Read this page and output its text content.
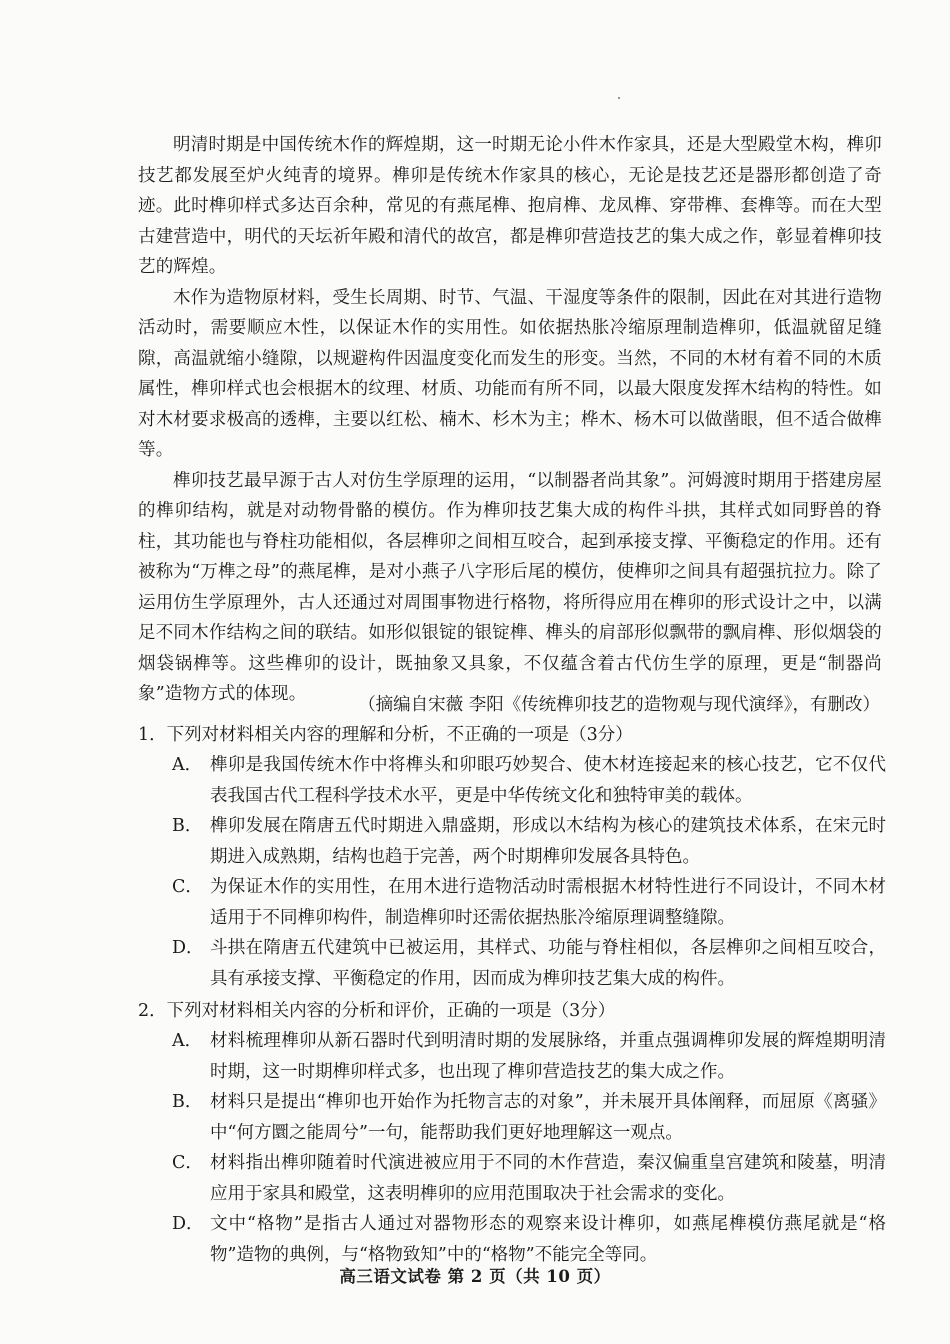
明清时期是中国传统木作的辉煌期，这一时期无论小件木作家具，还是大型殿堂木构，榫卯技艺都发展至炉火纯青的境界。榫卯是传统木作家具的核心，无论是技艺还是器形都创造了奇迹。此时榫卯样式多达百余种，常见的有燕尾榫、抱肩榫、龙凤榫、穿带榫、套榫等。而在大型古建营造中，明代的天坛祈年殿和清代的故宫，都是榫卯营造技艺的集大成之作，彰显着榫卯技艺的辉煌。

木作为造物原材料，受生长周期、时节、气温、干湿度等条件的限制，因此在对其进行造物活动时，需要顺应木性，以保证木作的实用性。如依据热胀冷缩原理制造榫卯，低温就留足缝隙，高温就缩小缝隙，以规避构件因温度变化而发生的形变。当然，不同的木材有着不同的木质属性，榫卯样式也会根据木的纹理、材质、功能而有所不同，以最大限度发挥木结构的特性。如对木材要求极高的透榫，主要以红松、楠木、杉木为主；桦木、杨木可以做凿眼，但不适合做榫等。

榫卯技艺最早源于古人对仿生学原理的运用，“以制器者尚其象”。河姆渡时期用于搭建房屋的榫卯结构，就是对动物骨骼的模仿。作为榫卯技艺集大成的构件斗拱，其样式如同野兽的脊柱，其功能也与脊柱功能相似，各层榫卯之间相互咬合，起到承接支撑、平衡稳定的作用。还有被称为“万榫之母”的燕尾榫，是对小燕子八字形后尾的模仿，使榫卯之间具有超强抗拉力。除了运用仿生学原理外，古人还通过对周围事物进行格物，将所得应用在榫卯的形式设计之中，以满足不同木作结构之间的联结。如形似银锭的银锭榫、榫头的肩部形似飘带的飘肩榫、形似烟袋的烟袋锅榫等。这些榫卯的设计，既抽象又具象，不仅蕴含着古代仿生学的原理，更是“制器尚象”造物方式的体现。

（摘编自宋薇 李阳《传统榫卯技艺的造物观与现代演绎》，有删改）

1．下列对材料相关内容的理解和分析，不正确的一项是（3分）

A． 榫卯是我国传统木作中将榫头和卯眼巧妙契合、使木材连接起来的核心技艺，它不仅代表我国古代工程科学技术水平，更是中华传统文化和独特审美的载体。
B． 榫卯发展在隋唐五代时期进入鼎盛期，形成以木结构为核心的建筑技术体系，在宋元时期进入成熟期，结构也趋于完善，两个时期榫卯发展各具特色。
C． 为保证木作的实用性，在用木进行造物活动时需根据木材特性进行不同设计，不同木材适用于不同榫卯构件，制造榫卯时还需依据热胀冷缩原理调整缝隙。
D． 斗拱在隋唐五代建筑中已被运用，其样式、功能与脊柱相似，各层榫卯之间相互咬合，具有承接支撑、平衡稳定的作用，因而成为榫卯技艺集大成的构件。

2．下列对材料相关内容的分析和评价，正确的一项是（3分）

A． 材料梳理榫卯从新石器时代到明清时期的发展脉络，并重点强调榫卯发展的辉煌期明清时期，这一时期榫卯样式多，也出现了榫卯营造技艺的集大成之作。
B． 材料只是提出“榫卯也开始作为托物言志的对象”，并未展开具体阐释，而屈原《离骚》中“何方圜之能周兮”一句，能帮助我们更好地理解这一观点。
C． 材料指出榫卯随着时代演进被应用于不同的木作营造，秦汉偏重皇宫建筑和陵墓，明清应用于家具和殿堂，这表明榫卯的应用范围取决于社会需求的变化。
D． 文中“格物”是指古人通过对器物形态的观察来设计榫卯，如燕尾榫模仿燕尾就是“格物”造物的典例，与“格物致知”中的“格物”不能完全等同。
高三语文试卷 第 2 页（共 10 页）
